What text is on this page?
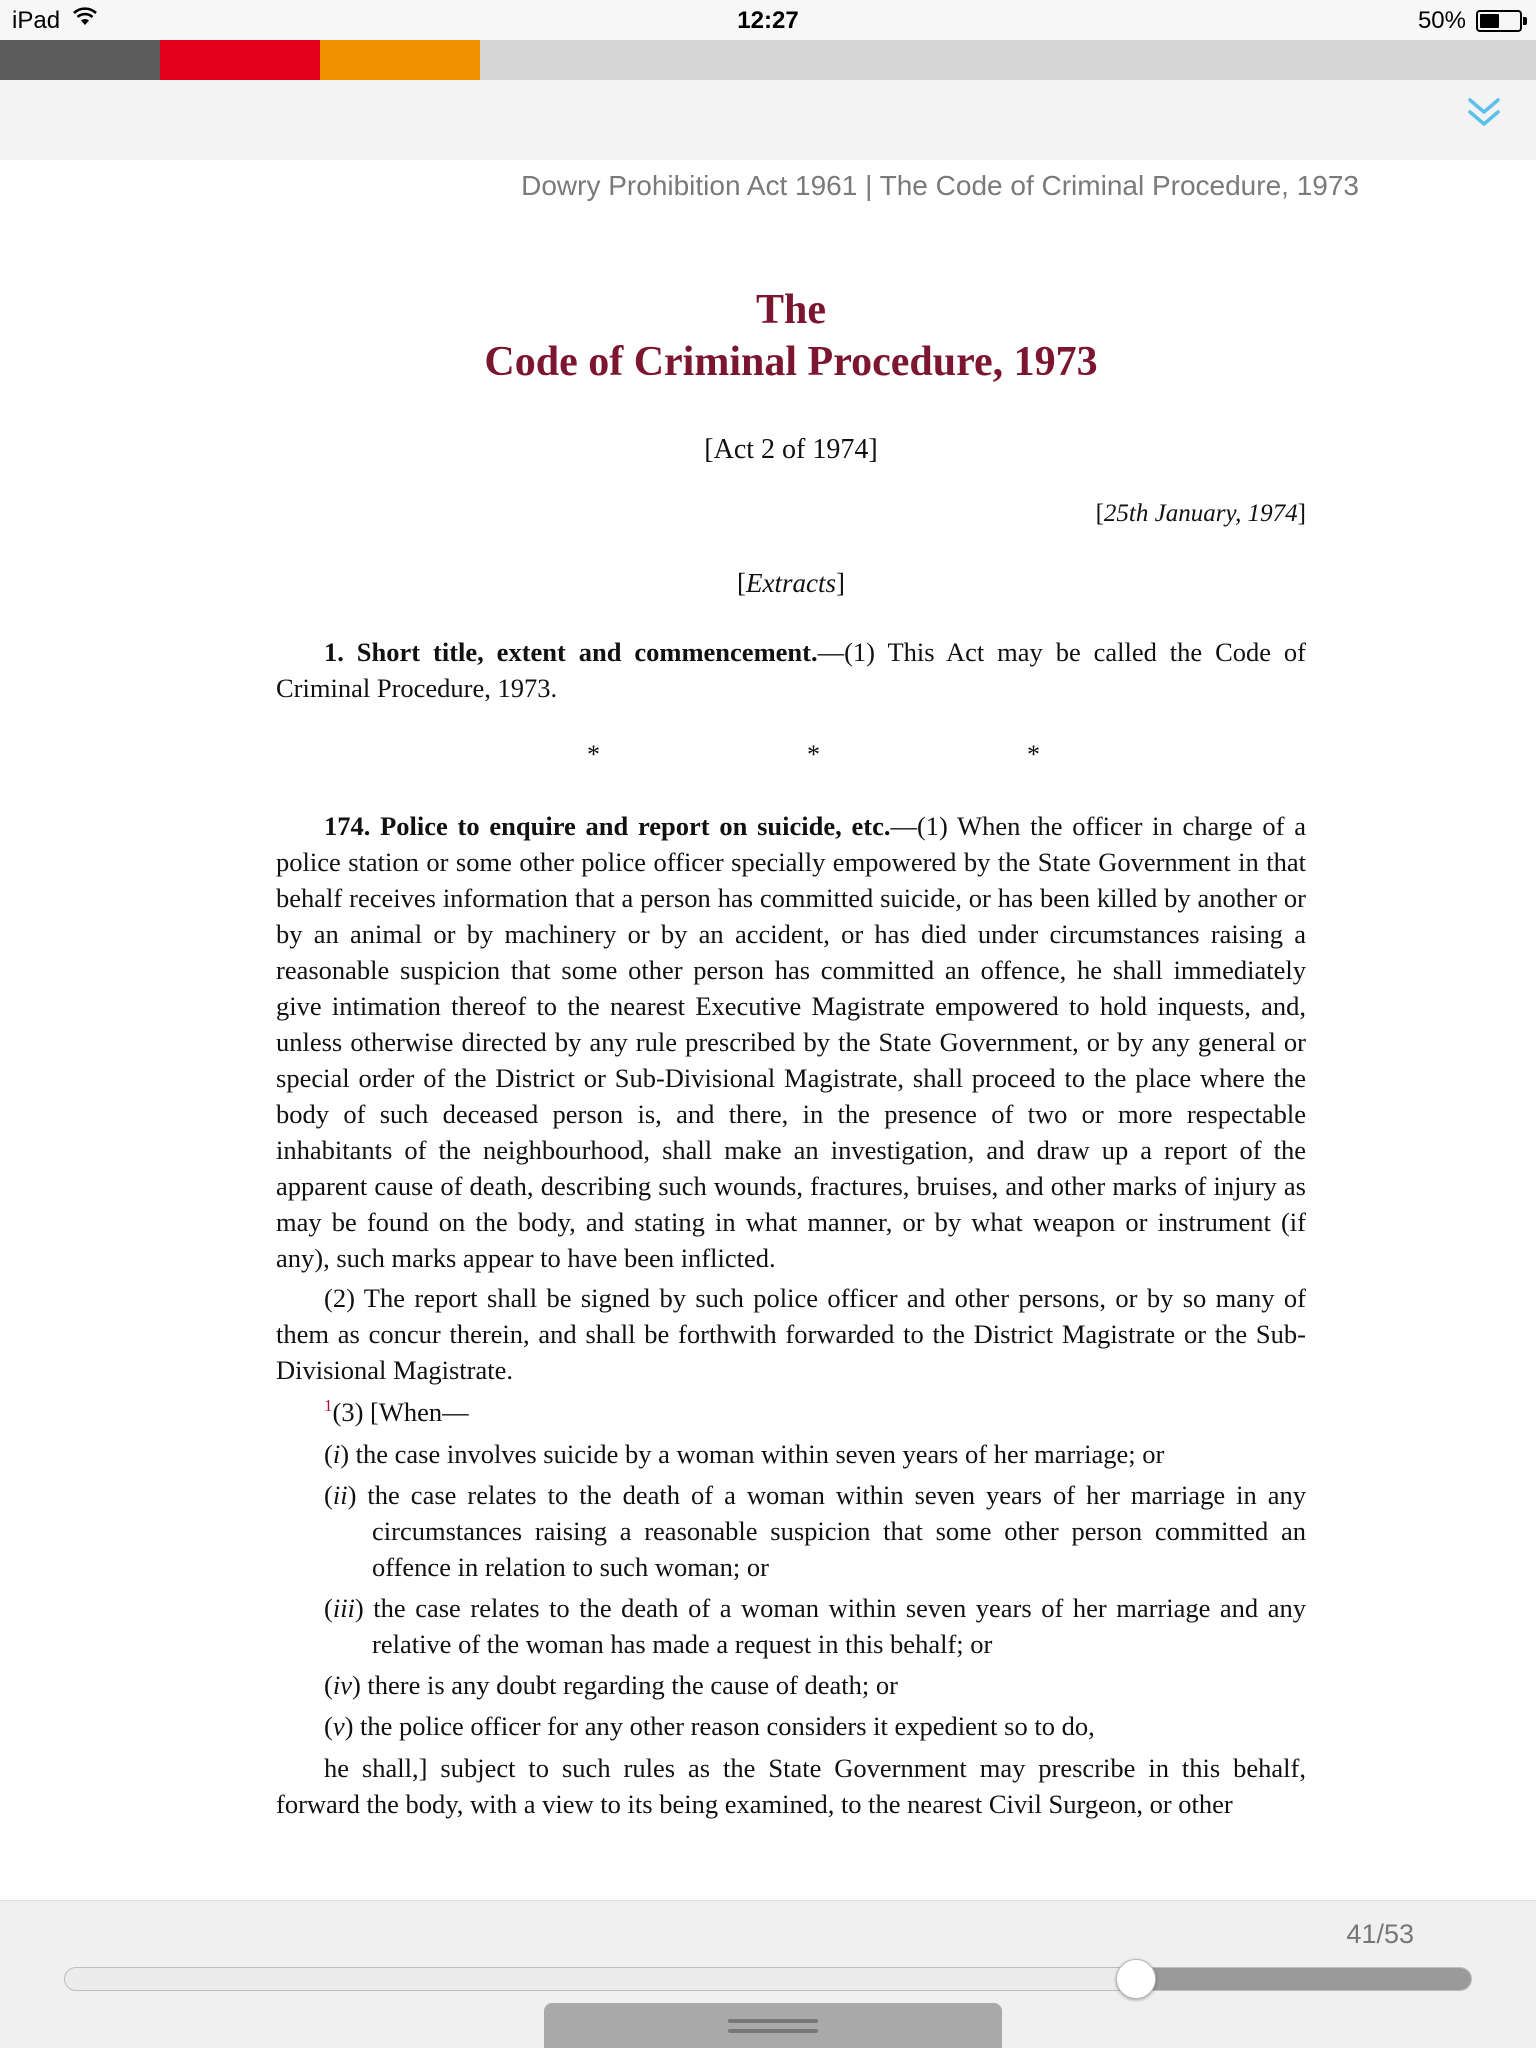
iPad	12:27	50%
Dowry Prohibition Act 1961 | The Code of Criminal Procedure, 1973
The
Code of Criminal Procedure, 1973
[Act 2 of 1974]
[25th January, 1974]
[Extracts]

1. Short title, extent and commencement.—(1) This Act may be called the Code of Criminal Procedure, 1973.

*	*	*

174. Police to enquire and report on suicide, etc.—(1) When the officer in charge of a police station or some other police officer specially empowered by the State Government in that behalf receives information that a person has committed suicide, or has been killed by another or by an animal or by machinery or by an accident, or has died under circumstances raising a reasonable suspicion that some other person has committed an offence, he shall immediately give intimation thereof to the nearest Executive Magistrate empowered to hold inquests, and, unless otherwise directed by any rule prescribed by the State Government, or by any general or special order of the District or Sub-Divisional Magistrate, shall proceed to the place where the body of such deceased person is, and there, in the presence of two or more respectable inhabitants of the neighbourhood, shall make an investigation, and draw up a report of the apparent cause of death, describing such wounds, fractures, bruises, and other marks of injury as may be found on the body, and stating in what manner, or by what weapon or instrument (if any), such marks appear to have been inflicted.

(2) The report shall be signed by such police officer and other persons, or by so many of them as concur therein, and shall be forthwith forwarded to the District Magistrate or the Sub-Divisional Magistrate.

$^1$(3) [When—

(i) the case involves suicide by a woman within seven years of her marriage; or
(ii) the case relates to the death of a woman within seven years of her marriage in any circumstances raising a reasonable suspicion that some other person committed an offence in relation to such woman; or
(iii) the case relates to the death of a woman within seven years of her marriage and any relative of the woman has made a request in this behalf; or
(iv) there is any doubt regarding the cause of death; or
(v) the police officer for any other reason considers it expedient so to do,

he shall,] subject to such rules as the State Government may prescribe in this behalf, forward the body, with a view to its being examined, to the nearest Civil Surgeon, or other

41/53
